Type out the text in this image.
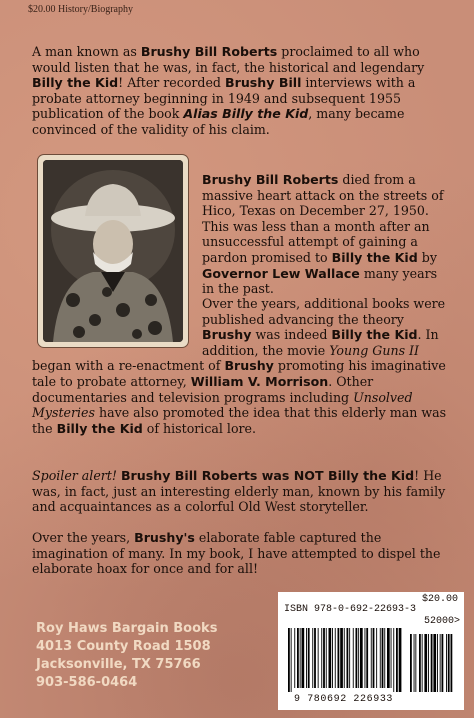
$20.00 History/Biography

A man known as Brushy Bill Roberts proclaimed to all who would listen that he was, in fact, the historical and legendary Billy the Kid! After recorded Brushy Bill interviews with a probate attorney beginning in 1949 and subsequent 1955 publication of the book Alias Billy the Kid, many became convinced of the validity of his claim.

Brushy Bill Roberts died from a massive heart attack on the streets of Hico, Texas on December 27, 1950. This was less than a month after an unsuccessful attempt of gaining a pardon promised to Billy the Kid by Governor Lew Wallace many years in the past.

Over the years, additional books were published advancing the theory Brushy was indeed Billy the Kid. In addition, the movie Young Guns II
began with a re-enactment of Brushy promoting his imaginative tale to probate attorney, William V. Morrison. Other documentaries and television programs including Unsolved Mysteries have also promoted the idea that this elderly man was the Billy the Kid of historical lore.

Spoiler alert! Brushy Bill Roberts was NOT Billy the Kid! He was, in fact, just an interesting elderly man, known by his family and acquaintances as a colorful Old West storyteller.

Over the years, Brushy's elaborate fable captured the imagination of many. In my book, I have attempted to dispel the elaborate hoax for once and for all!

Roy Haws Bargain Books
4013 County Road 1508
Jacksonville, TX 75766
903-586-0464
$20.00
ISBN 978-0-692-22693-3
52000>
9 780692 226933
